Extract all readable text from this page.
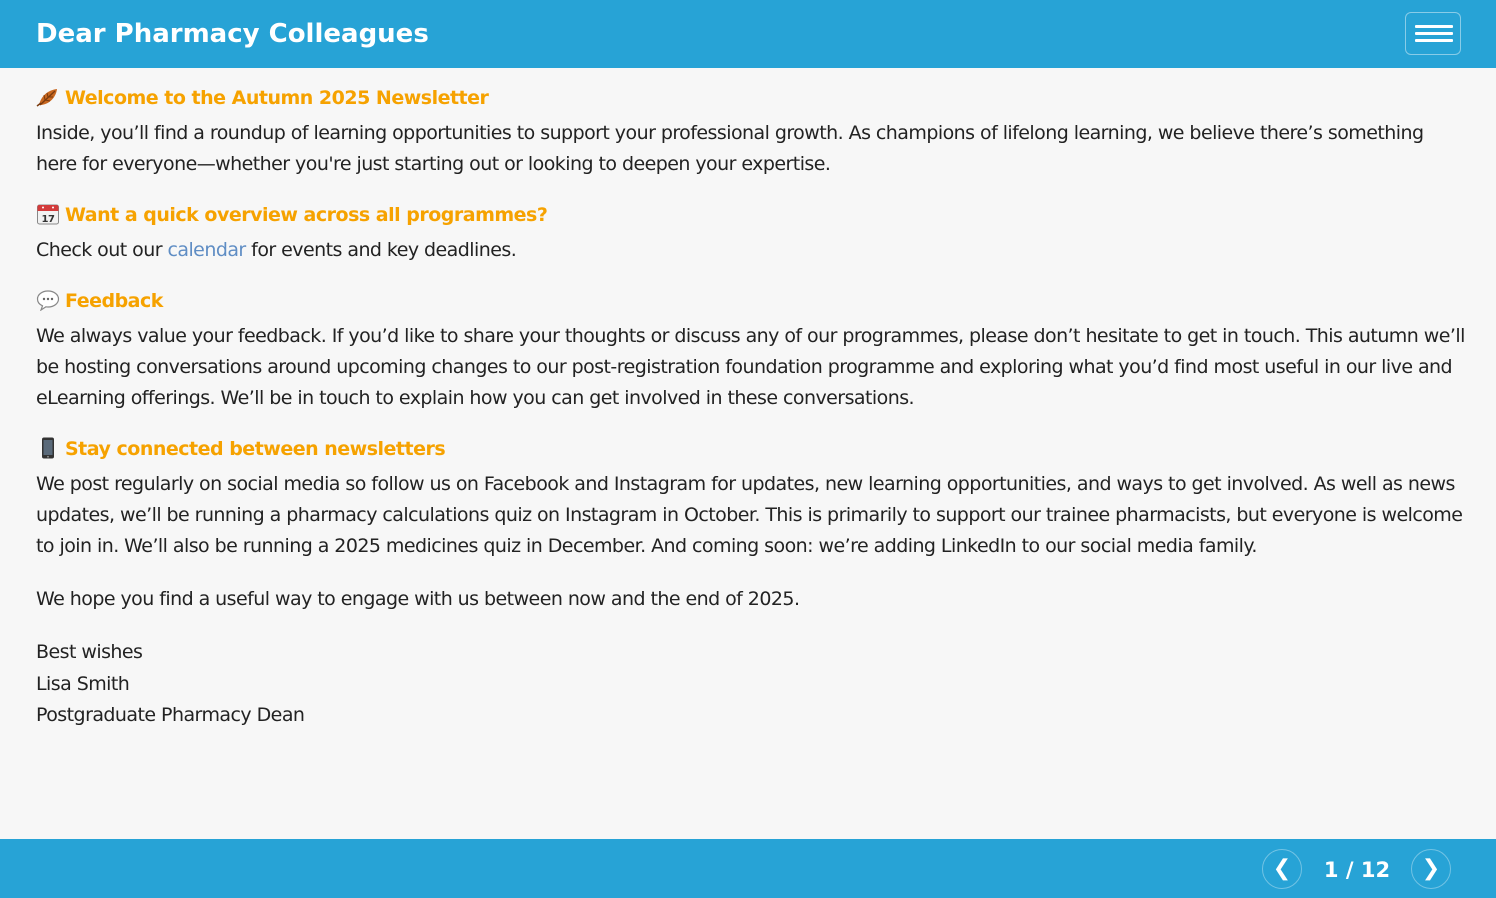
Dear Pharmacy Colleagues
Welcome to the Autumn 2025 Newsletter
Inside, you’ll find a roundup of learning opportunities to support your professional growth. As champions of lifelong learning, we believe there’s something here for everyone—whether you're just starting out or looking to deepen your expertise.
17 Want a quick overview across all programmes?
Check out our calendar for events and key deadlines.
Feedback
We always value your feedback. If you’d like to share your thoughts or discuss any of our programmes, please don’t hesitate to get in touch. This autumn we’ll be hosting conversations around upcoming changes to our post-registration foundation programme and exploring what you’d find most useful in our live and eLearning offerings. We’ll be in touch to explain how you can get involved in these conversations.
Stay connected between newsletters
We post regularly on social media so follow us on Facebook and Instagram for updates, new learning opportunities, and ways to get involved. As well as news updates, we’ll be running a pharmacy calculations quiz on Instagram in October. This is primarily to support our trainee pharmacists, but everyone is welcome to join in. We’ll also be running a 2025 medicines quiz in December. And coming soon: we’re adding LinkedIn to our social media family.
We hope you find a useful way to engage with us between now and the end of 2025.
Best wishes
Lisa Smith
Postgraduate Pharmacy Dean
❮	1 / 12	❯
